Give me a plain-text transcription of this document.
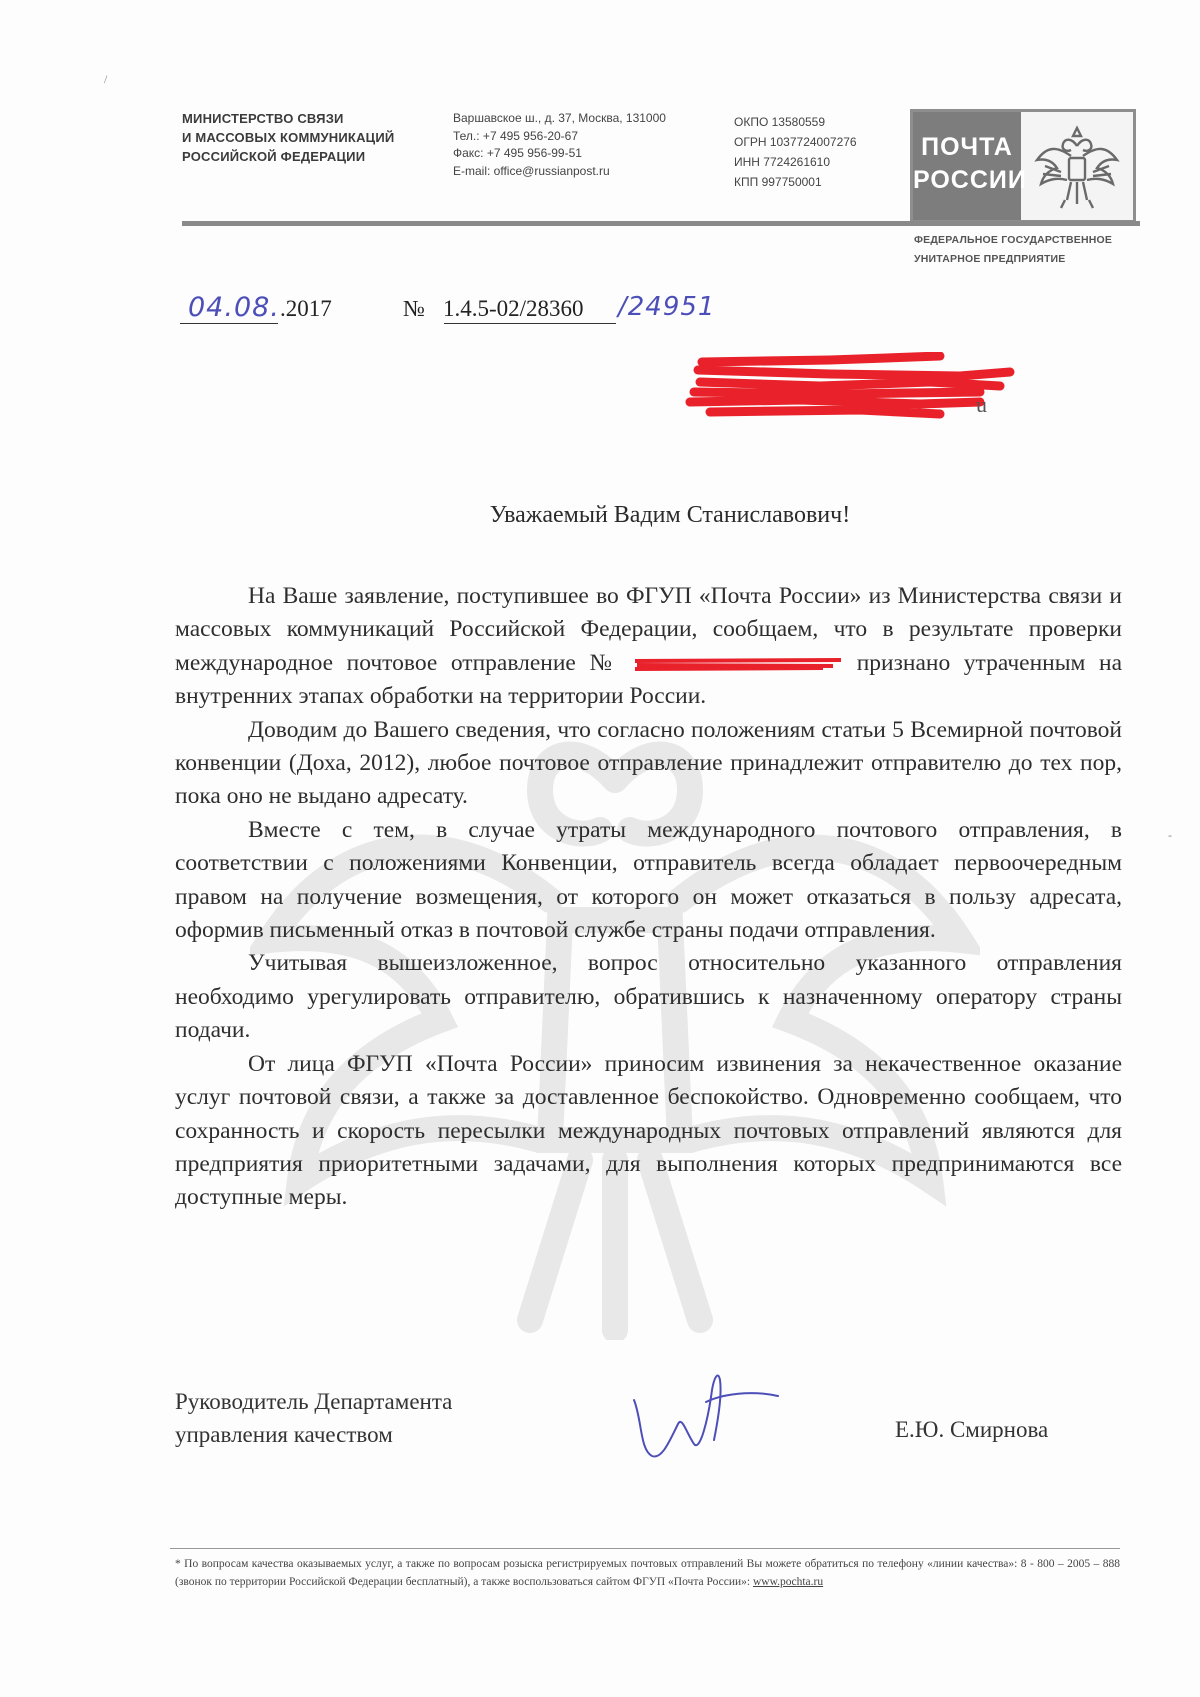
МИНИСТЕРСТВО СВЯЗИ
И МАССОВЫХ КОММУНИКАЦИЙ
РОССИЙСКОЙ ФЕДЕРАЦИИ
Варшавское ш., д. 37, Москва, 131000
Тел.: +7 495 956-20-67
Факс: +7 495 956-99-51
E-mail: office@russianpost.ru
ОКПО 13580559
ОГРН 1037724007276
ИНН 7724261610
КПП 997750001
ПОЧТА
РОССИИ
ФЕДЕРАЛЬНОЕ ГОСУДАРСТВЕННОЕ
УНИТАРНОЕ ПРЕДПРИЯТИЕ
04.08. .2017	№ 1.4.5-02/28360 /24951
u
Уважаемый Вадим Станиславович!

На Ваше заявление, поступившее во ФГУП «Почта России» из Министерства связи и массовых коммуникаций Российской Федерации, сообщаем, что в результате проверки международное почтовое отправление №	признано утраченным на внутренних этапах обработки на территории России.

Доводим до Вашего сведения, что согласно положениям статьи 5 Всемирной почтовой конвенции (Доха, 2012), любое почтовое отправление принадлежит отправителю до тех пор, пока оно не выдано адресату.

Вместе с тем, в случае утраты международного почтового отправления, в соответствии с положениями Конвенции, отправитель всегда обладает первоочередным правом на получение возмещения, от которого он может отказаться в пользу адресата, оформив письменный отказ в почтовой службе страны подачи отправления.

Учитывая вышеизложенное, вопрос относительно указанного отправления необходимо урегулировать отправителю, обратившись к назначенному оператору страны подачи.

От лица ФГУП «Почта России» приносим извинения за некачественное оказание услуг почтовой связи, а также за доставленное беспокойство. Одновременно сообщаем, что сохранность и скорость пересылки международных почтовых отправлений являются для предприятия приоритетными задачами, для выполнения которых предпринимаются все доступные меры.

Руководитель Департамента
управления качеством	Е.Ю. Смирнова
* По вопросам качества оказываемых услуг, а также по вопросам розыска регистрируемых почтовых отправлений Вы можете обратиться по телефону «линии качества»: 8 - 800 – 2005 – 888 (звонок по территории Российской Федерации бесплатный), а также воспользоваться сайтом ФГУП «Почта России»: www.pochta.ru
/
-
